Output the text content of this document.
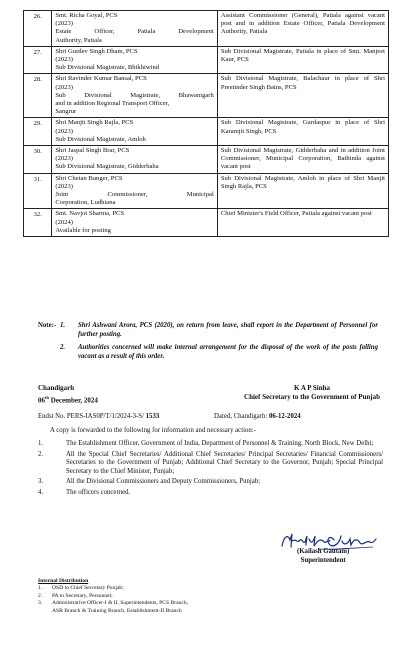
26.	Smt. Richa Goyal, PCS
(2023)
Estate Officer, Patiala Development
Authority, Patiala	Assistant Commissioner (General), Patiala against vacant post and in addition Estate Officer, Patiala Development Authority, Patiala
27.	Shri Gurdev Singh Dham, PCS
(2023)
Sub Divisional Magistrate, Bhikhiwind	Sub Divisional Magistrate, Patiala in place of Smt. Manjeet Kaur, PCS
28.	Shri Ravinder Kumar Bansal, PCS
(2023)
Sub Divisional Magistrate, Bhawanigarh
and in addition Regional Transport Officer,
Sangrur	Sub Divisional Magistrate, Balachaur in place of Shri Preetinder Singh Bains, PCS
29.	Shri Manjit Singh Rajla, PCS
(2023)
Sub Divisional Magistrate, Amloh	Sub Divisional Magistrate, Gurdaspur in place of Shri Karamjit Singh, PCS
30.	Shri Jaspal Singh Brar, PCS
(2023)
Sub Divisional Magistrate, Gidderbaha	Sub Divisional Magistrate, Gidderbaha and in addition Joint Commissioner, Municipal Corporation, Bathinda against vacant post
31.	Shri Chetan Bunger, PCS
(2023)
Joint Commissioner, Municipal
Corporation, Ludhiana	Sub Divisional Magistrate, Amloh in place of Shri Manjit Singh Rajla, PCS
32.	Smt. Navjot Sharma, PCS
(2024)
Available for posting	Chief Minister's Field Officer, Patiala against vacant post
Note:- 1.	Shri Ashwani Arora, PCS (2020), on return from leave, shall report in the Department of Personnel for further posting.
2.	Authorities concerned will make internal arrangement for the disposal of the work of the posts falling vacant as a result of this order.
Chandigarh
06th December, 2024
K A P Sinha
Chief Secretary to the Government of Punjab
Endst No. PERS-IAS0P/T/1/2024-3-S/ 1533	Dated, Chandigarh: 06-12-2024
A copy is forwarded to the following for information and necessary action:-
1.	The Establishment Officer, Government of India, Department of Personnel & Training, North Block, New Delhi;
2.	All the Special Chief Secretaries/ Additional Chief Secretaries/ Principal Secretaries/ Financial Commissioners/ Secretaries to the Government of Punjab; Additional Chief Secretary to the Governor, Punjab; Special Principal Secretary to the Chief Minister, Punjab;
3.	All the Divisional Commissioners and Deputy Commissioners, Punjab;
4.	The officers concerned.
(Kailash Gautam)
Superintendent
Internal Distribution
1.	OSD to Chief Secretary Punjab;
2.	PA to Secretary, Personnel;
3.	Administrative Officer-I & II, Superintendents, PCS Branch,
ASR Branch & Training Branch, Establishment-II Branch
